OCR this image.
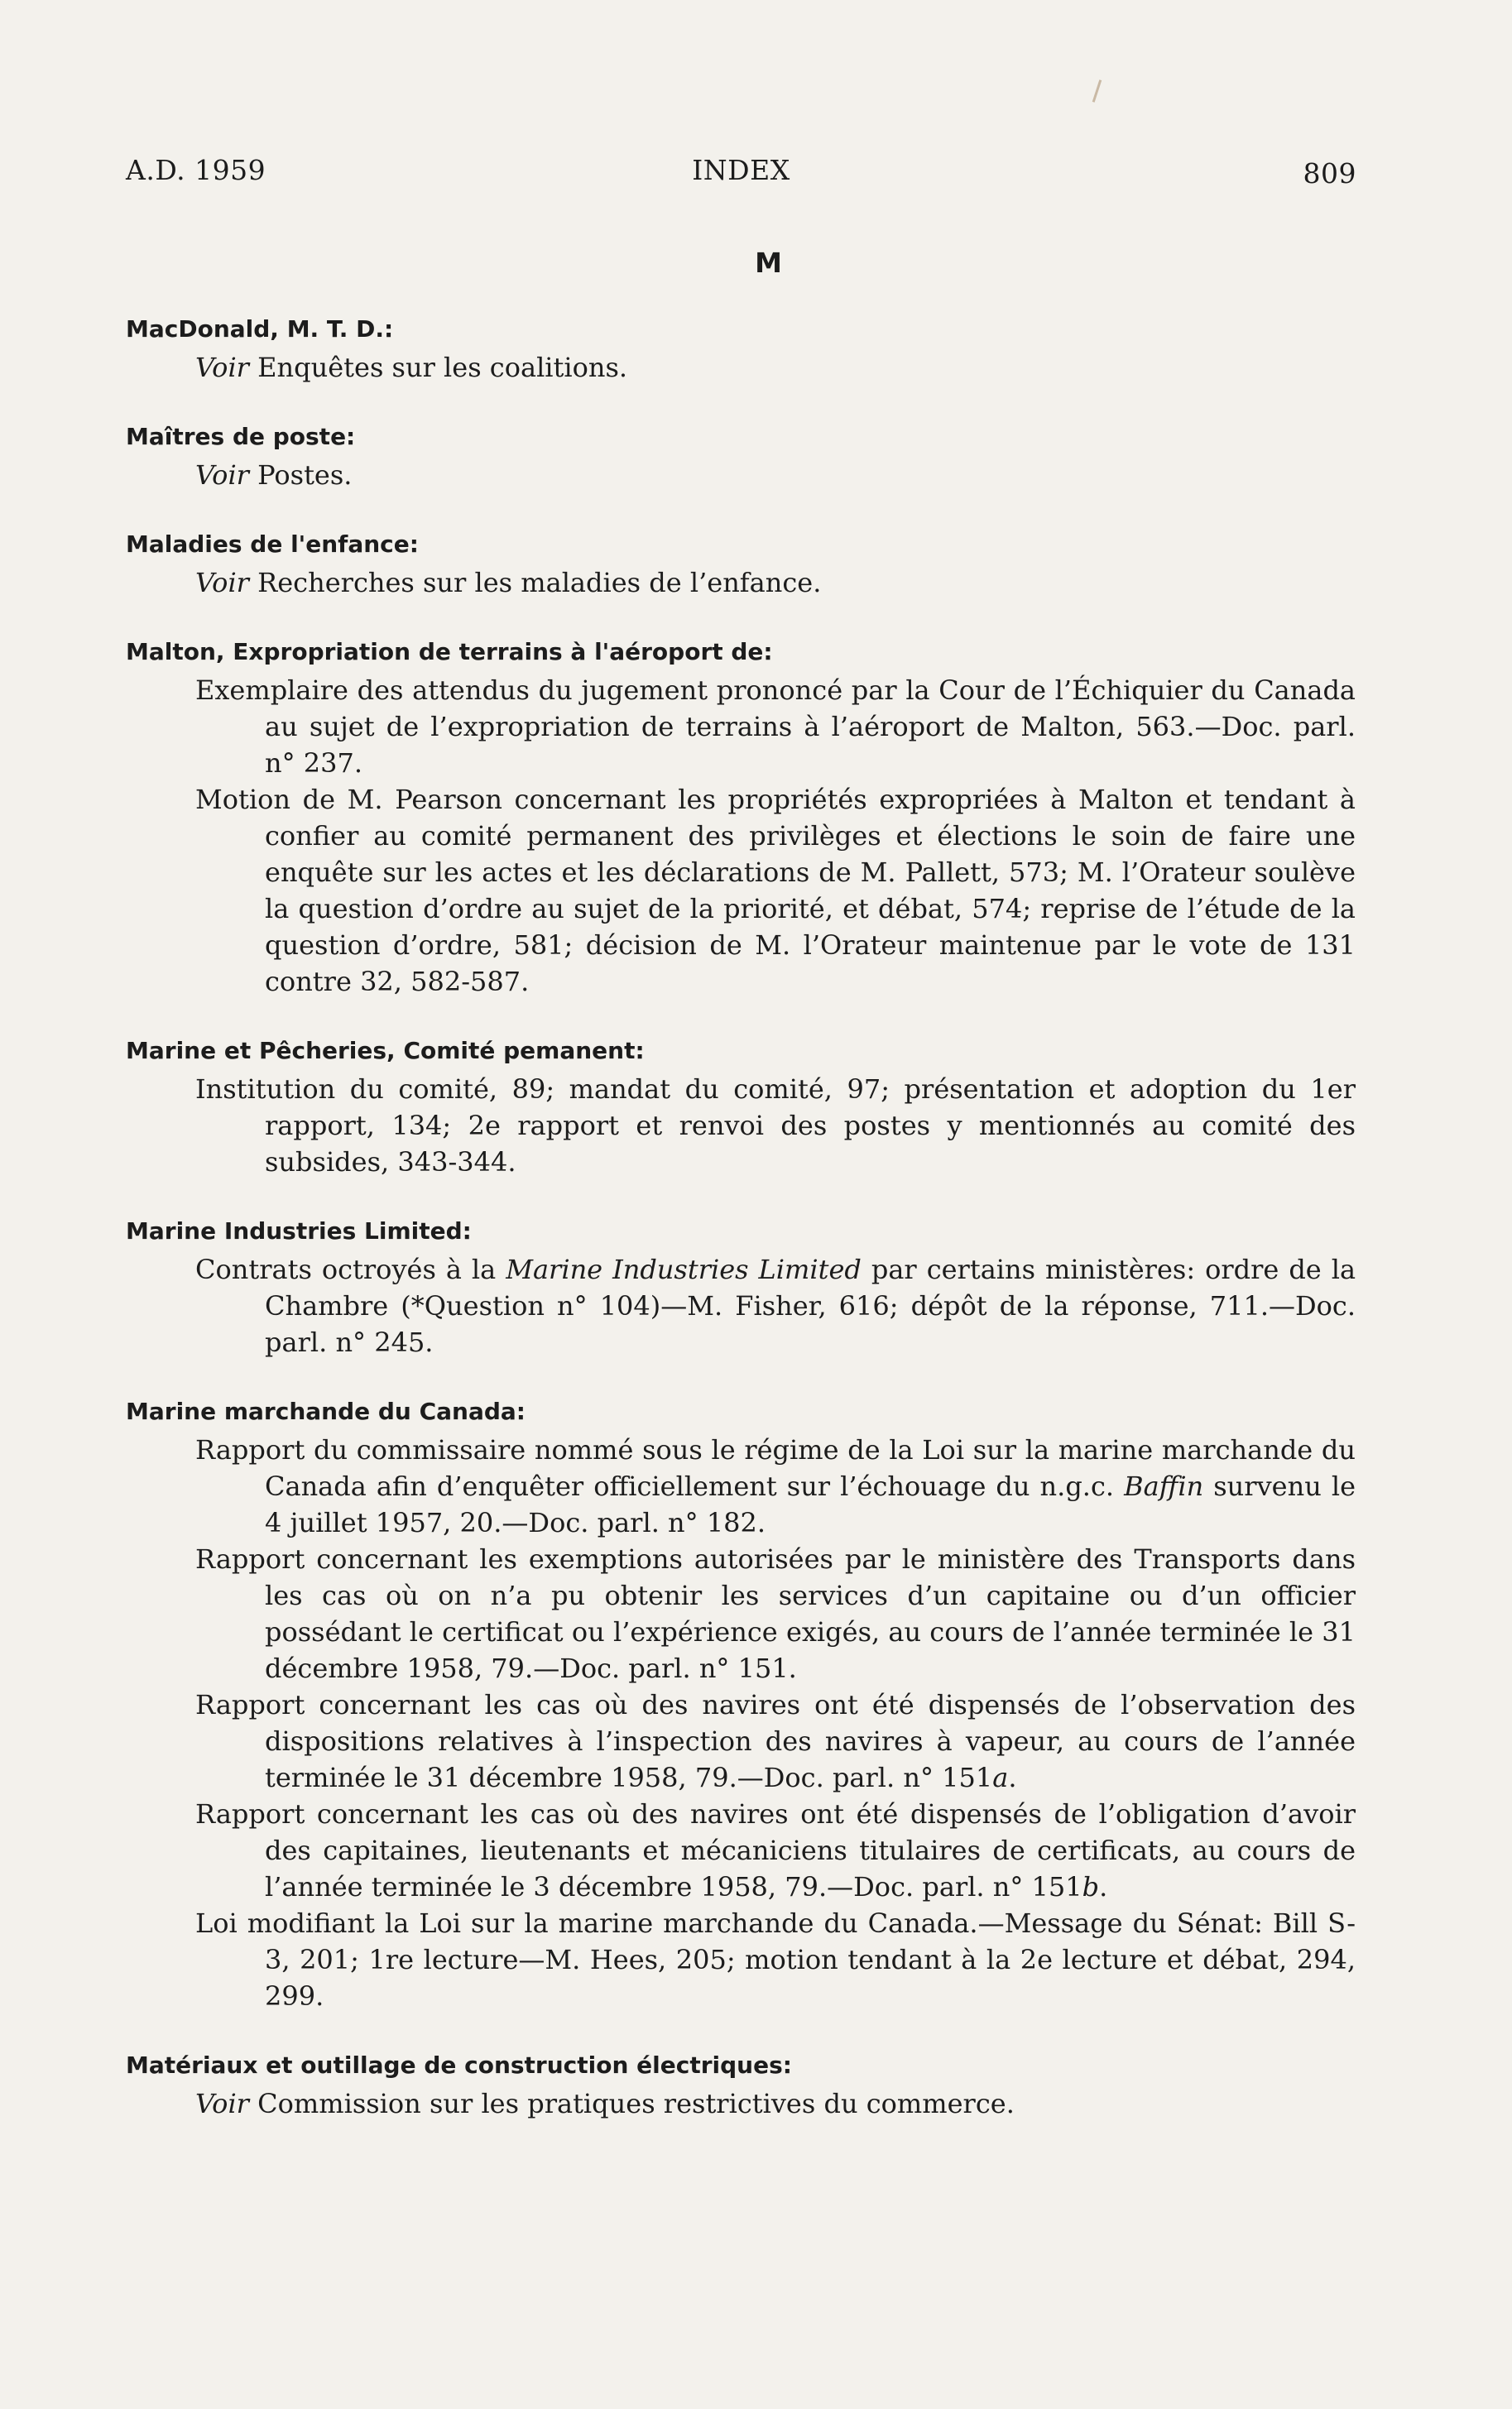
A.D. 1959	INDEX	809
M
MacDonald, M. T. D.:
Voir Enquêtes sur les coalitions.
Maîtres de poste:
Voir Postes.
Maladies de l'enfance:
Voir Recherches sur les maladies de l’enfance.
Malton, Expropriation de terrains à l'aéroport de:
Exemplaire des attendus du jugement prononcé par la Cour de l’Échiquier du Canada au sujet de l’expropriation de terrains à l’aéroport de Malton, 563.—Doc. parl. n° 237.
Motion de M. Pearson concernant les propriétés expropriées à Malton et tendant à confier au comité permanent des privilèges et élections le soin de faire une enquête sur les actes et les déclarations de M. Pallett, 573; M. l’Orateur soulève la question d’ordre au sujet de la priorité, et débat, 574; reprise de l’étude de la question d’ordre, 581; décision de M. l’Orateur maintenue par le vote de 131 contre 32, 582-587.
Marine et Pêcheries, Comité pemanent:
Institution du comité, 89; mandat du comité, 97; présentation et adoption du 1er rapport, 134; 2e rapport et renvoi des postes y mentionnés au comité des subsides, 343-344.
Marine Industries Limited:
Contrats octroyés à la Marine Industries Limited par certains ministères: ordre de la Chambre (*Question n° 104)—M. Fisher, 616; dépôt de la réponse, 711.—Doc. parl. n° 245.
Marine marchande du Canada:
Rapport du commissaire nommé sous le régime de la Loi sur la marine marchande du Canada afin d’enquêter officiellement sur l’échouage du n.g.c. Baffin survenu le 4 juillet 1957, 20.—Doc. parl. n° 182.
Rapport concernant les exemptions autorisées par le ministère des Transports dans les cas où on n’a pu obtenir les services d’un capitaine ou d’un officier possédant le certificat ou l’expérience exigés, au cours de l’année terminée le 31 décembre 1958, 79.—Doc. parl. n° 151.
Rapport concernant les cas où des navires ont été dispensés de l’observation des dispositions relatives à l’inspection des navires à vapeur, au cours de l’année terminée le 31 décembre 1958, 79.—Doc. parl. n° 151a.
Rapport concernant les cas où des navires ont été dispensés de l’obligation d’avoir des capitaines, lieutenants et mécaniciens titulaires de certificats, au cours de l’année terminée le 3 décembre 1958, 79.—Doc. parl. n° 151b.
Loi modifiant la Loi sur la marine marchande du Canada.—Message du Sénat: Bill S-3, 201; 1re lecture—M. Hees, 205; motion tendant à la 2e lecture et débat, 294, 299.
Matériaux et outillage de construction électriques:
Voir Commission sur les pratiques restrictives du commerce.
